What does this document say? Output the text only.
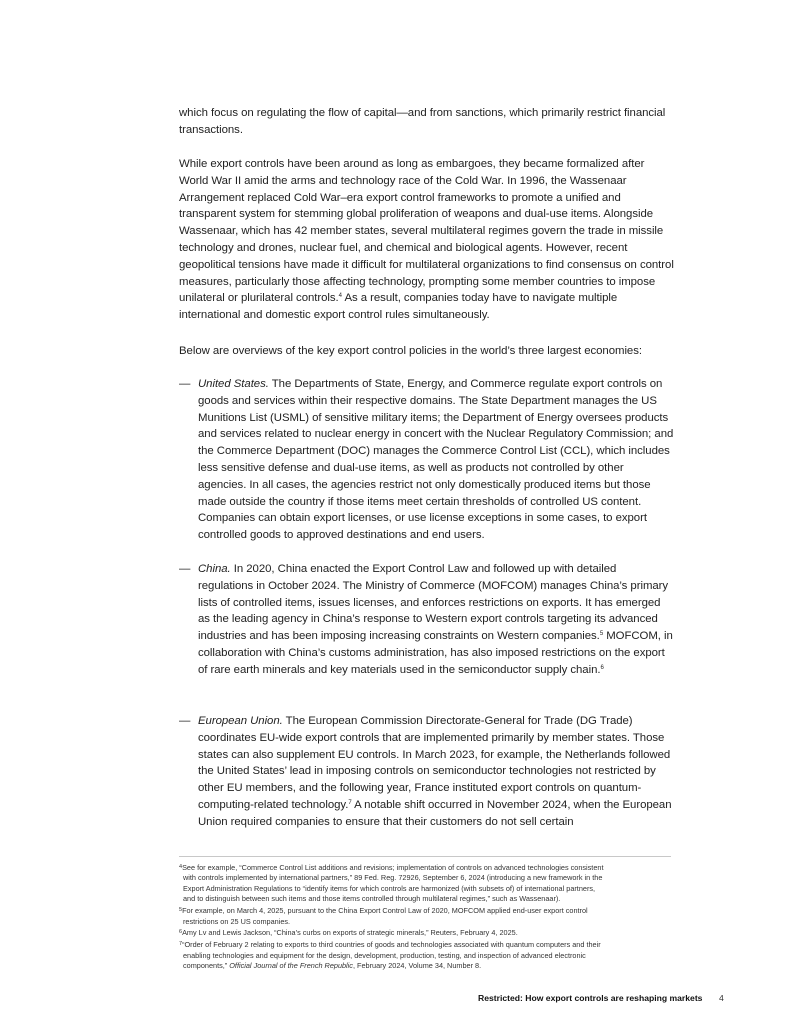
which focus on regulating the flow of capital—and from sanctions, which primarily restrict financial transactions.

While export controls have been around as long as embargoes, they became formalized after World War II amid the arms and technology race of the Cold War. In 1996, the Wassenaar Arrangement replaced Cold War–era export control frameworks to promote a unified and transparent system for stemming global proliferation of weapons and dual-use items. Alongside Wassenaar, which has 42 member states, several multilateral regimes govern the trade in missile technology and drones, nuclear fuel, and chemical and biological agents. However, recent geopolitical tensions have made it difficult for multilateral organizations to find consensus on control measures, particularly those affecting technology, prompting some member countries to impose unilateral or plurilateral controls.$^4$ As a result, companies today have to navigate multiple international and domestic export control rules simultaneously.

Below are overviews of the key export control policies in the world’s three largest economies:

— United States. The Departments of State, Energy, and Commerce regulate export controls on goods and services within their respective domains. The State Department manages the US Munitions List (USML) of sensitive military items; the Department of Energy oversees products and services related to nuclear energy in concert with the Nuclear Regulatory Commission; and the Commerce Department (DOC) manages the Commerce Control List (CCL), which includes less sensitive defense and dual-use items, as well as products not controlled by other agencies. In all cases, the agencies restrict not only domestically produced items but those made outside the country if those items meet certain thresholds of controlled US content. Companies can obtain export licenses, or use license exceptions in some cases, to export controlled goods to approved destinations and end users.
— China. In 2020, China enacted the Export Control Law and followed up with detailed regulations in October 2024. The Ministry of Commerce (MOFCOM) manages China’s primary lists of controlled items, issues licenses, and enforces restrictions on exports. It has emerged as the leading agency in China’s response to Western export controls targeting its advanced industries and has been imposing increasing constraints on Western companies.$^5$ MOFCOM, in collaboration with China’s customs administration, has also imposed restrictions on the export of rare earth minerals and key materials used in the semiconductor supply chain.$^6$
— European Union. The European Commission Directorate-General for Trade (DG Trade) coordinates EU-wide export controls that are implemented primarily by member states. Those states can also supplement EU controls. In March 2023, for example, the Netherlands followed the United States’ lead in imposing controls on semiconductor technologies not restricted by other EU members, and the following year, France instituted export controls on quantum-computing-related technology.$^7$ A notable shift occurred in November 2024, when the European Union required companies to ensure that their customers do not sell certain
$^4$See for example, “Commerce Control List additions and revisions; implementation of controls on advanced technologies consistent
with controls implemented by international partners,” 89 Fed. Reg. 72926, September 6, 2024 (introducing a new framework in the
Export Administration Regulations to “identify items for which controls are harmonized (with subsets of) of international partners,
and to distinguish between such items and those items controlled through multilateral regimes,” such as Wassenaar).
$^5$For example, on March 4, 2025, pursuant to the China Export Control Law of 2020, MOFCOM applied end-user export control
restrictions on 25 US companies.
$^6$Amy Lv and Lewis Jackson, “China’s curbs on exports of strategic minerals,” Reuters, February 4, 2025.
$^7$“Order of February 2 relating to exports to third countries of goods and technologies associated with quantum computers and their
enabling technologies and equipment for the design, development, production, testing, and inspection of advanced electronic
components,” Official Journal of the French Republic, February 2024, Volume 34, Number 8.
Restricted: How export controls are reshaping markets 4
